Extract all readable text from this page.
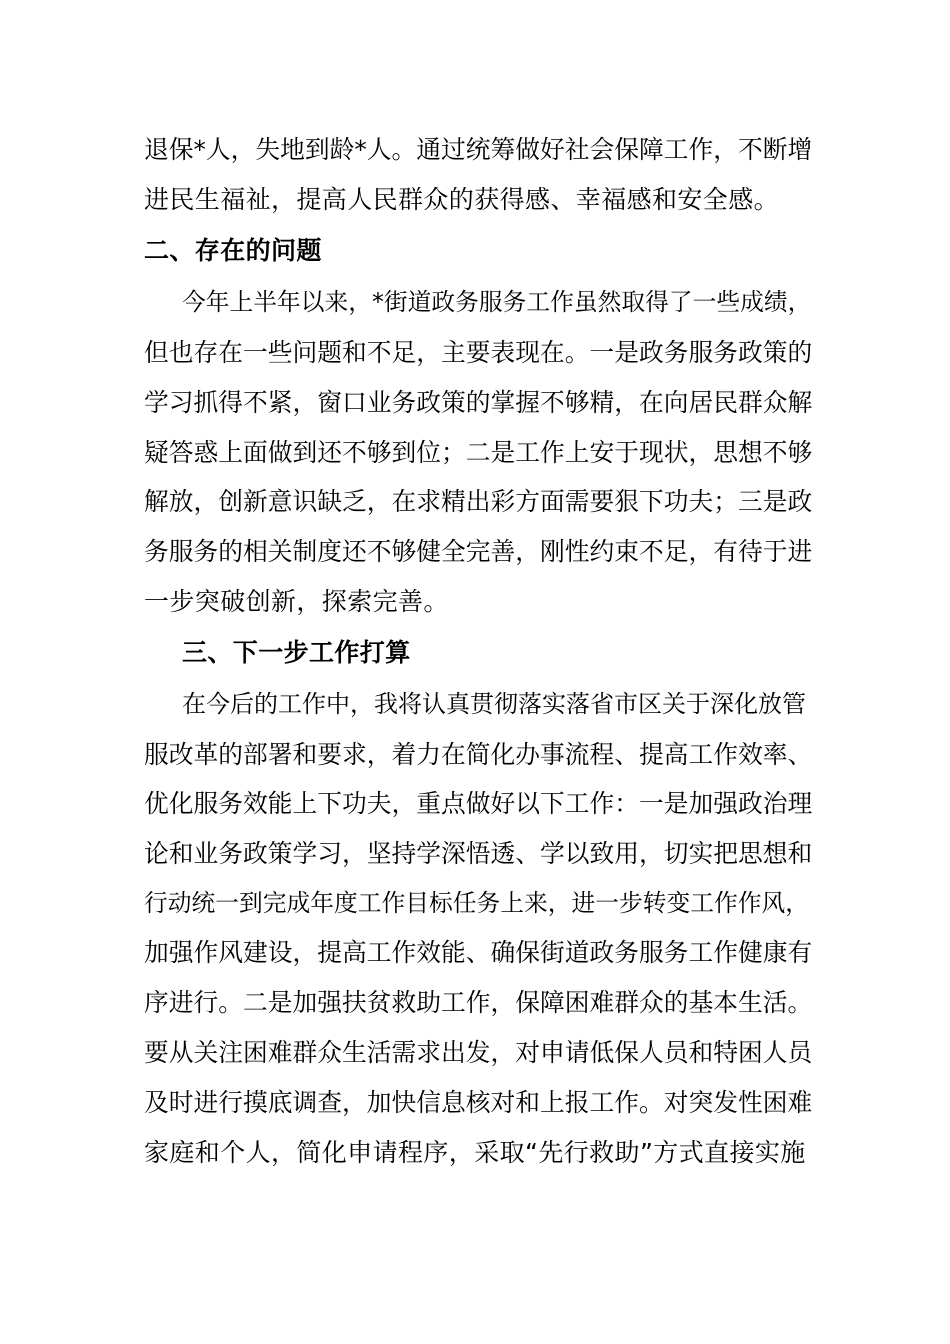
退保*人，失地到龄*人。通过统筹做好社会保障工作，不断增
进民生福祉，提高人民群众的获得感、幸福感和安全感。
二、存在的问题
今年上半年以来，*街道政务服务工作虽然取得了一些成绩，
但也存在一些问题和不足，主要表现在。一是政务服务政策的
学习抓得不紧，窗口业务政策的掌握不够精，在向居民群众解
疑答惑上面做到还不够到位；二是工作上安于现状，思想不够
解放，创新意识缺乏，在求精出彩方面需要狠下功夫；三是政
务服务的相关制度还不够健全完善，刚性约束不足，有待于进
一步突破创新，探索完善。
三、下一步工作打算
在今后的工作中，我将认真贯彻落实落省市区关于深化放管
服改革的部署和要求，着力在简化办事流程、提高工作效率、
优化服务效能上下功夫，重点做好以下工作：一是加强政治理
论和业务政策学习，坚持学深悟透、学以致用，切实把思想和
行动统一到完成年度工作目标任务上来，进一步转变工作作风，
加强作风建设，提高工作效能、确保街道政务服务工作健康有
序进行。二是加强扶贫救助工作，保障困难群众的基本生活。
要从关注困难群众生活需求出发，对申请低保人员和特困人员
及时进行摸底调查，加快信息核对和上报工作。对突发性困难
家庭和个人，简化申请程序，采取“先行救助”方式直接实施
